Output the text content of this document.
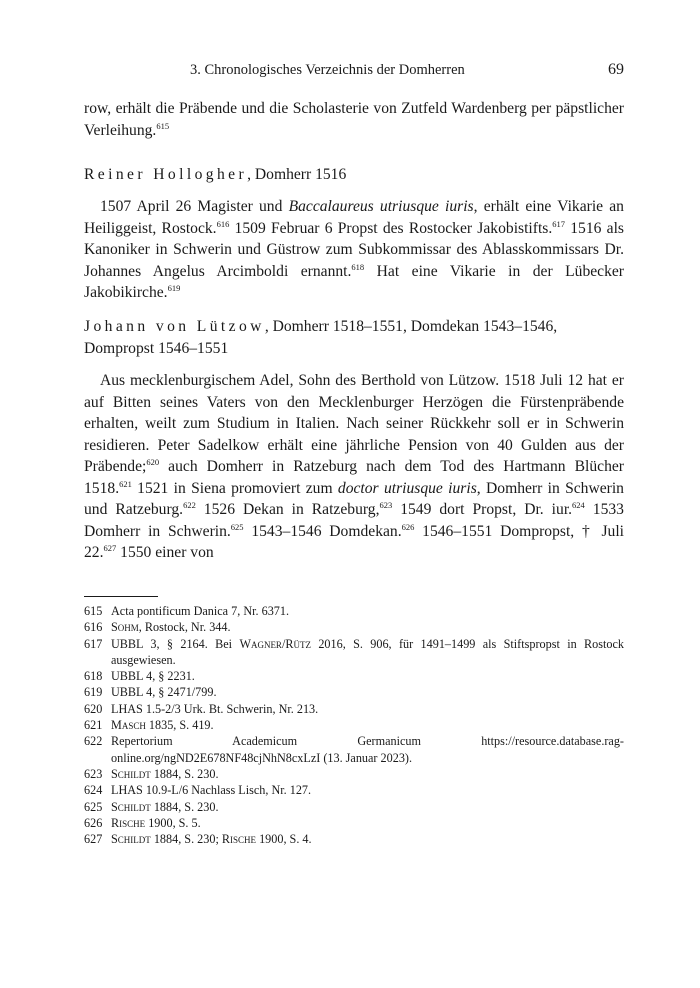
3. Chronologisches Verzeichnis der Domherren	69

row, erhält die Präbende und die Scholasterie von Zutfeld Wardenberg per päpstlicher Verleihung.$^{615}$

Reiner Hollogher, Domherr 1516

1507 April 26 Magister und Baccalaureus utriusque iuris, erhält eine Vikarie an Heiliggeist, Rostock.$^{616}$ 1509 Februar 6 Propst des Rostocker Jakobistifts.$^{617}$ 1516 als Kanoniker in Schwerin und Güstrow zum Subkommissar des Ablasskommissars Dr. Johannes Angelus Arcimboldi ernannt.$^{618}$ Hat eine Vikarie in der Lübecker Jakobikirche.$^{619}$

Johann von Lützow, Domherr 1518–1551, Domdekan 1543–1546, Dompropst 1546–1551

Aus mecklenburgischem Adel, Sohn des Berthold von Lützow. 1518 Juli 12 hat er auf Bitten seines Vaters von den Mecklenburger Herzögen die Fürstenpräbende erhalten, weilt zum Studium in Italien. Nach seiner Rückkehr soll er in Schwerin residieren. Peter Sadelkow erhält eine jährliche Pension von 40 Gulden aus der Präbende;$^{620}$ auch Domherr in Ratzeburg nach dem Tod des Hartmann Blücher 1518.$^{621}$ 1521 in Siena promoviert zum doctor utriusque iuris, Domherr in Schwerin und Ratzeburg.$^{622}$ 1526 Dekan in Ratzeburg,$^{623}$ 1549 dort Propst, Dr. iur.$^{624}$ 1533 Domherr in Schwerin.$^{625}$ 1543–1546 Domdekan.$^{626}$ 1546–1551 Dompropst, † Juli 22.$^{627}$ 1550 einer von

615 Acta pontificum Danica 7, Nr. 6371.
616 Sohm, Rostock, Nr. 344.
617 UBBL 3, § 2164. Bei Wagner/Rütz 2016, S. 906, für 1491–1499 als Stiftspropst in Rostock ausgewiesen.
618 UBBL 4, § 2231.
619 UBBL 4, § 2471/799.
620 LHAS 1.5-2/3 Urk. Bt. Schwerin, Nr. 213.
621 Masch 1835, S. 419.
622 Repertorium Academicum Germanicum https://resource.database.rag-online.org/ngND2E678NF48cjNhN8cxLzI (13. Januar 2023).
623 Schildt 1884, S. 230.
624 LHAS 10.9-L/6 Nachlass Lisch, Nr. 127.
625 Schildt 1884, S. 230.
626 Rische 1900, S. 5.
627 Schildt 1884, S. 230; Rische 1900, S. 4.
